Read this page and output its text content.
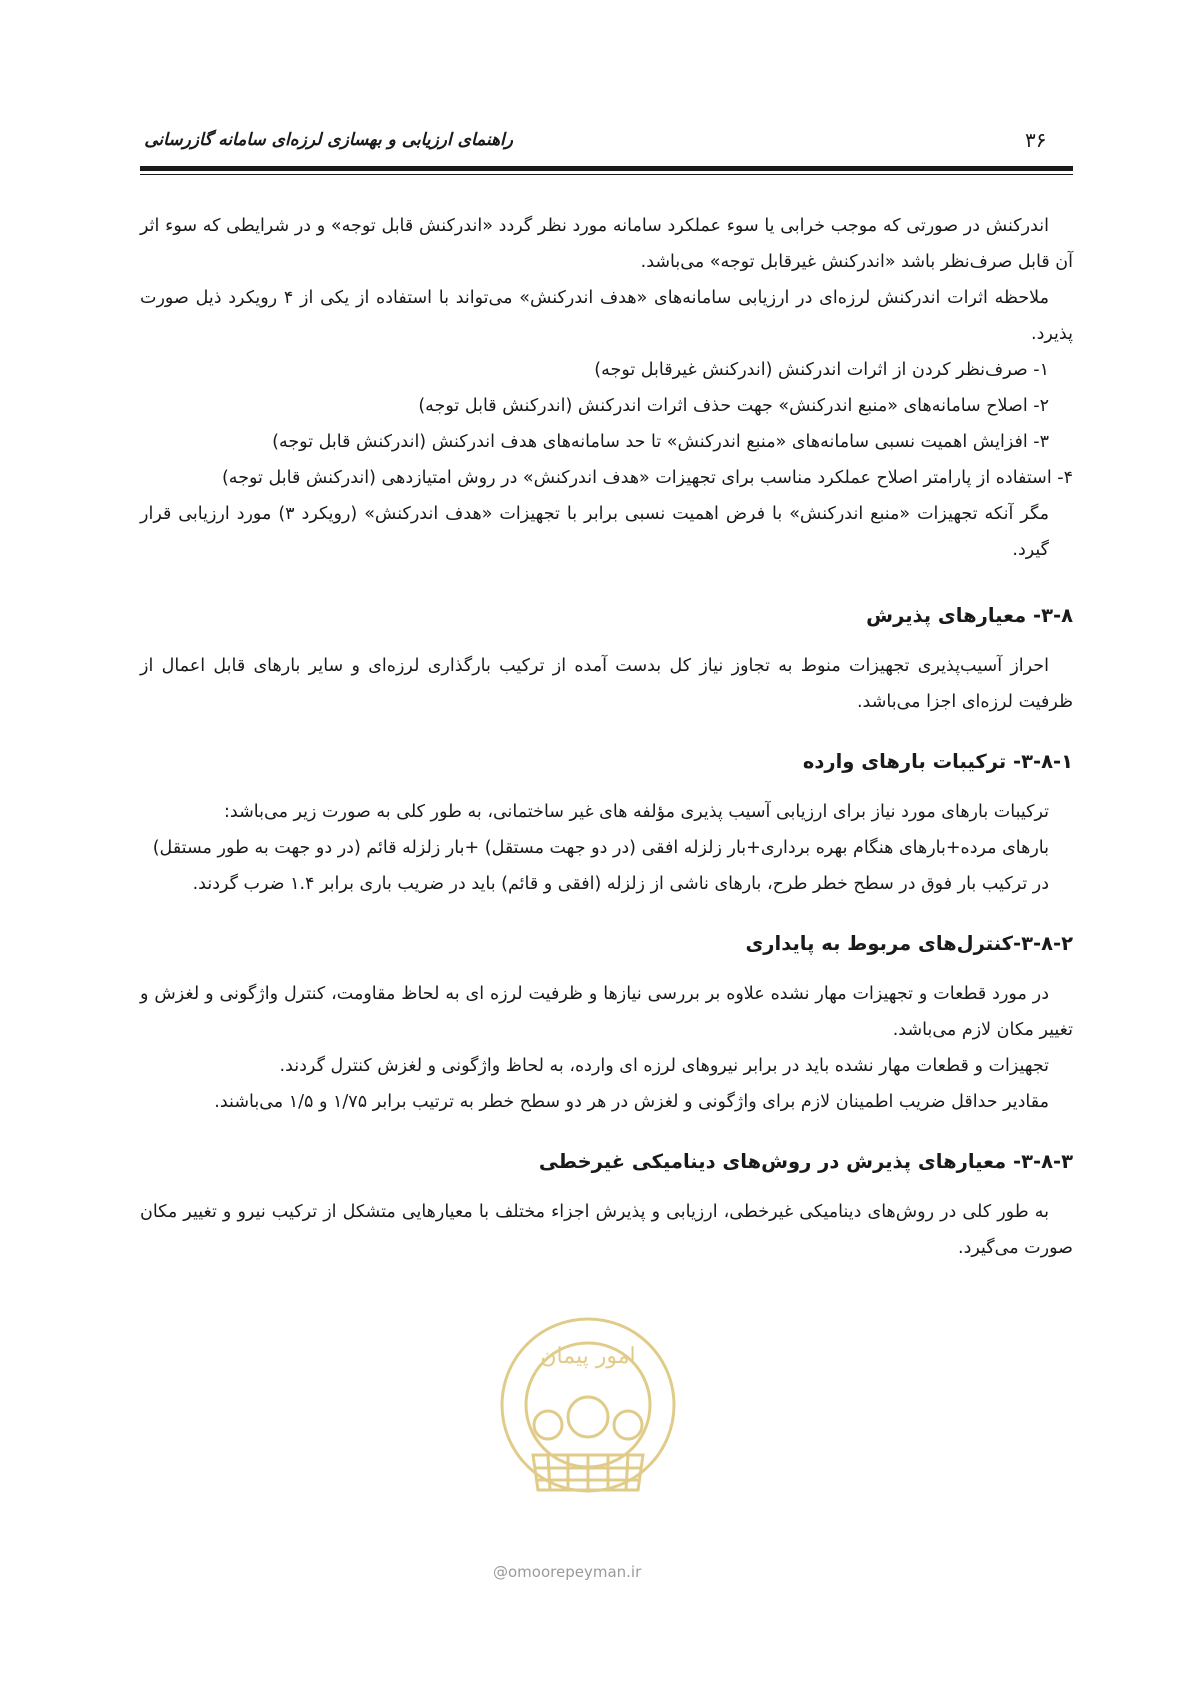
راهنمای ارزیابی و بهسازی لرزه‌ای سامانه گازرسانی	۳۶

اندرکنش در صورتی که موجب خرابی یا سوء عملکرد سامانه مورد نظر گردد «اندرکنش قابل توجه» و در شرایطی که سوء اثر آن قابل صرف‌نظر باشد «اندرکنش غیرقابل توجه» می‌باشد.

ملاحظه اثرات اندرکنش لرزه‌ای در ارزیابی سامانه‌های «هدف اندرکنش» می‌تواند با استفاده از یکی از ۴ رویکرد ذیل صورت پذیرد.

۱- صرف‌نظر کردن از اثرات اندرکنش (اندرکنش غیرقابل توجه)
۲- اصلاح سامانه‌های «منبع اندرکنش» جهت حذف اثرات اندرکنش (اندرکنش قابل توجه)
۳- افزایش اهمیت نسبی سامانه‌های «منبع اندرکنش» تا حد سامانه‌های هدف اندرکنش (اندرکنش قابل توجه)
۴- استفاده از پارامتر اصلاح عملکرد مناسب برای تجهیزات «هدف اندرکنش» در روش امتیازدهی (اندرکنش قابل توجه)
مگر آنکه تجهیزات «منبع اندرکنش» با فرض اهمیت نسبی برابر با تجهیزات «هدف اندرکنش» (رویکرد ۳) مورد ارزیابی قرار گیرد.
۳-۸- معیارهای پذیرش

احراز آسیب‌پذیری تجهیزات منوط به تجاوز نیاز کل بدست آمده از ترکیب بارگذاری لرزه‌ای و سایر بارهای قابل اعمال از ظرفیت لرزه‌ای اجزا می‌باشد.

۳-۸-۱- ترکیبات بارهای وارده

ترکیبات بارهای مورد نیاز برای ارزیابی آسیب پذیری مؤلفه های غیر ساختمانی، به طور کلی به صورت زیر می‌باشد:

بارهای مرده+بارهای هنگام بهره برداری+بار زلزله افقی (در دو جهت مستقل) +بار زلزله قائم (در دو جهت به طور مستقل)

در ترکیب بار فوق در سطح خطر طرح، بارهای ناشی از زلزله (افقی و قائم) باید در ضریب باری برابر ۱.۴ ضرب گردند.

۳-۸-۲-کنترل‌های مربوط به پایداری

در مورد قطعات و تجهیزات مهار نشده علاوه بر بررسی نیازها و ظرفیت لرزه ای به لحاظ مقاومت، کنترل واژگونی و لغزش و تغییر مکان لازم می‌باشد.

تجهیزات و قطعات مهار نشده باید در برابر نیروهای لرزه ای وارده، به لحاظ واژگونی و لغزش کنترل گردند.

مقادیر حداقل ضریب اطمینان لازم برای واژگونی و لغزش در هر دو سطح خطر به ترتیب برابر ۱/۷۵ و ۱/۵ می‌باشند.

۳-۸-۳- معیارهای پذیرش در روش‌های دینامیکی غیرخطی

به طور کلی در روش‌های دینامیکی غیرخطی، ارزیابی و پذیرش اجزاء مختلف با معیارهایی متشکل از ترکیب نیرو و تغییر مکان صورت می‌گیرد.

امور پیمان
@omoorepeyman.ir
